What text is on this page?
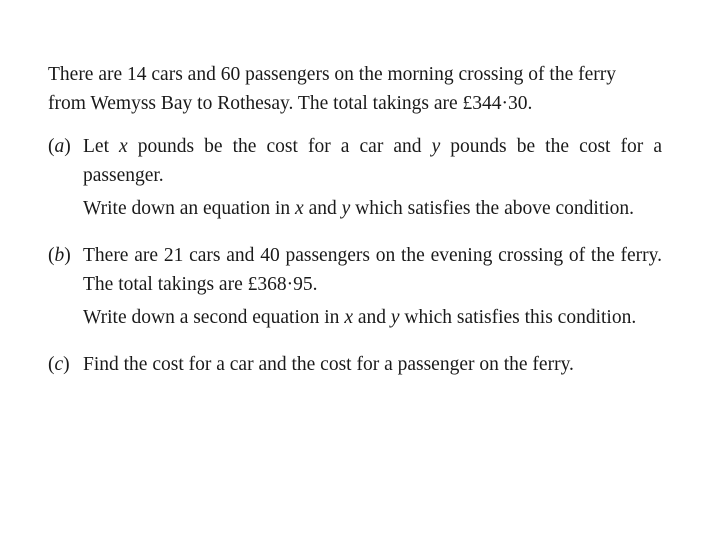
There are 14 cars and 60 passengers on the morning crossing of the ferry
from Wemyss Bay to Rothesay. The total takings are £344·30.

(a) Let x pounds be the cost for a car and y pounds be the cost for a passenger.

Write down an equation in x and y which satisfies the above condition.

(b) There are 21 cars and 40 passengers on the evening crossing of the ferry. The total takings are £368·95.

Write down a second equation in x and y which satisfies this condition.

(c) Find the cost for a car and the cost for a passenger on the ferry.
